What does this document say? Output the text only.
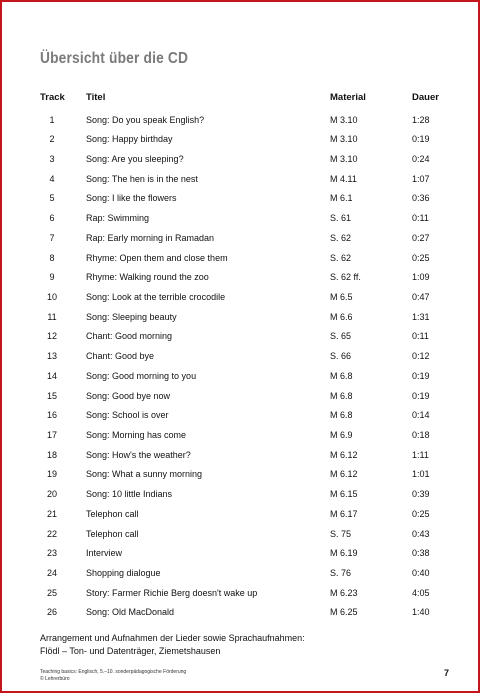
Übersicht über die CD
Track Titel	Material	Dauer
1	Song: Do you speak English?	M 3.10	1:28
2	Song: Happy birthday	M 3.10	0:19
3	Song: Are you sleeping?	M 3.10	0:24
4	Song: The hen is in the nest	M 4.11	1:07
5	Song: I like the flowers	M 6.1	0:36
6	Rap: Swimming	S. 61	0:11
7	Rap: Early morning in Ramadan	S. 62	0:27
8	Rhyme: Open them and close them	S. 62	0:25
9	Rhyme: Walking round the zoo	S. 62 ff.	1:09
10	Song: Look at the terrible crocodile	M 6.5	0:47
11	Song: Sleeping beauty	M 6.6	1:31
12	Chant: Good morning	S. 65	0:11
13	Chant: Good bye	S. 66	0:12
14	Song: Good morning to you	M 6.8	0:19
15	Song: Good bye now	M 6.8	0:19
16	Song: School is over	M 6.8	0:14
17	Song: Morning has come	M 6.9	0:18
18	Song: How's the weather?	M 6.12	1:11
19	Song: What a sunny morning	M 6.12	1:01
20	Song: 10 little Indians	M 6.15	0:39
21	Telephon call	M 6.17	0:25
22	Telephon call	S. 75	0:43
23	Interview	M 6.19	0:38
24	Shopping dialogue	S. 76	0:40
25	Story: Farmer Richie Berg doesn't wake up	M 6.23	4:05
26	Song: Old MacDonald	M 6.25	1:40
Arrangement und Aufnahmen der Lieder sowie Sprachaufnahmen:
Flödl – Ton- und Datenträger, Ziemetshausen
Teaching basics: Englisch, 5.–10. sonderpädagogische Förderung
© Lehrerbüro
7
